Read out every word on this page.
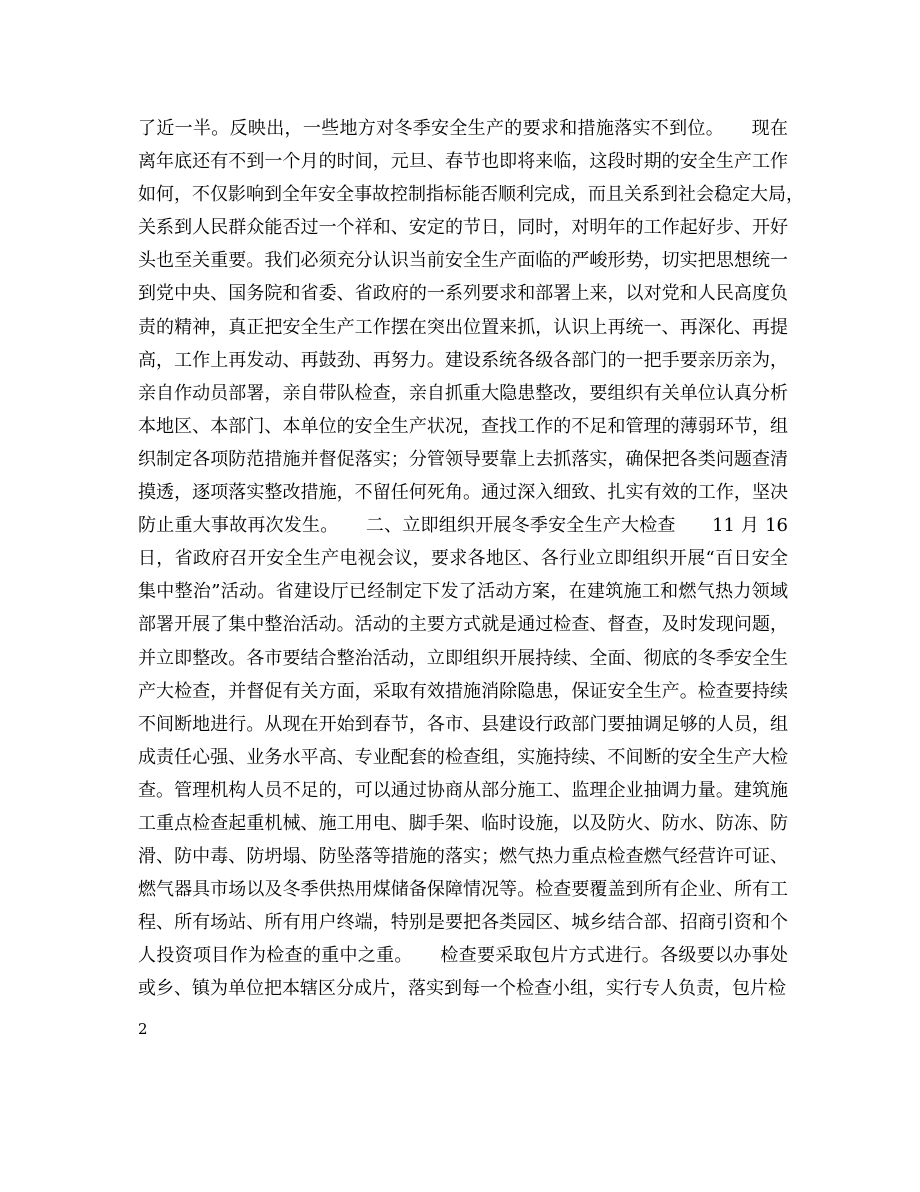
了近一半。反映出，一些地方对冬季安全生产的要求和措施落实不到位。　　现在
离年底还有不到一个月的时间，元旦、春节也即将来临，这段时期的安全生产工作
如何，不仅影响到全年安全事故控制指标能否顺利完成，而且关系到社会稳定大局，
关系到人民群众能否过一个祥和、安定的节日，同时，对明年的工作起好步、开好
头也至关重要。我们必须充分认识当前安全生产面临的严峻形势，切实把思想统一
到党中央、国务院和省委、省政府的一系列要求和部署上来，以对党和人民高度负
责的精神，真正把安全生产工作摆在突出位置来抓，认识上再统一、再深化、再提
高，工作上再发动、再鼓劲、再努力。建设系统各级各部门的一把手要亲历亲为，
亲自作动员部署，亲自带队检查，亲自抓重大隐患整改，要组织有关单位认真分析
本地区、本部门、本单位的安全生产状况，查找工作的不足和管理的薄弱环节，组
织制定各项防范措施并督促落实；分管领导要靠上去抓落实，确保把各类问题查清
摸透，逐项落实整改措施，不留任何死角。通过深入细致、扎实有效的工作，坚决
防止重大事故再次发生。　　二、立即组织开展冬季安全生产大检查　　11 月 16
日，省政府召开安全生产电视会议，要求各地区、各行业立即组织开展“百日安全
集中整治”活动。省建设厅已经制定下发了活动方案，在建筑施工和燃气热力领域
部署开展了集中整治活动。活动的主要方式就是通过检查、督查，及时发现问题，
并立即整改。各市要结合整治活动，立即组织开展持续、全面、彻底的冬季安全生
产大检查，并督促有关方面，采取有效措施消除隐患，保证安全生产。检查要持续
不间断地进行。从现在开始到春节，各市、县建设行政部门要抽调足够的人员，组
成责任心强、业务水平高、专业配套的检查组，实施持续、不间断的安全生产大检
查。管理机构人员不足的，可以通过协商从部分施工、监理企业抽调力量。建筑施
工重点检查起重机械、施工用电、脚手架、临时设施，以及防火、防水、防冻、防
滑、防中毒、防坍塌、防坠落等措施的落实；燃气热力重点检查燃气经营许可证、
燃气器具市场以及冬季供热用煤储备保障情况等。检查要覆盖到所有企业、所有工
程、所有场站、所有用户终端，特别是要把各类园区、城乡结合部、招商引资和个
人投资项目作为检查的重中之重。　　检查要采取包片方式进行。各级要以办事处
或乡、镇为单位把本辖区分成片，落实到每一个检查小组，实行专人负责，包片检
2
